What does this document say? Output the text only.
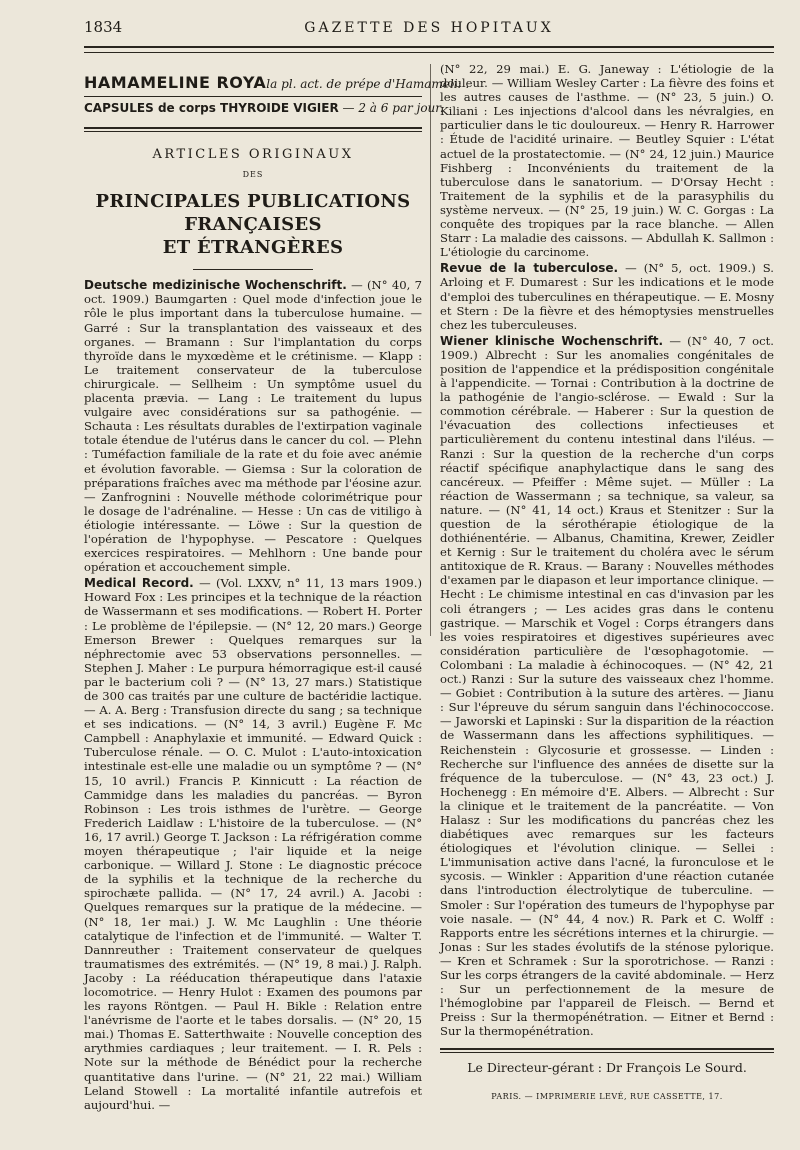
1834	GAZETTE DES HOPITAUX
HAMAMELINE ROYAla pl. act. de prépe d'Hamameli: .
CAPSULES de corps THYROIDE VIGIER — 2 à 6 par jour.

ARTICLES ORIGINAUX

DES

PRINCIPALES PUBLICATIONS FRANÇAISES
ET ÉTRANGÈRES

Deutsche medizinische Wochenschrift. — (N° 40, 7 oct. 1909.) Baumgarten : Quel mode d'infection joue le rôle le plus important dans la tuberculose humaine. — Garré : Sur la transplantation des vaisseaux et des organes. — Bramann : Sur l'implantation du corps thyroïde dans le myxœdème et le crétinisme. — Klapp : Le traitement conservateur de la tuberculose chirurgicale. — Sellheim : Un symptôme usuel du placenta prævia. — Lang : Le traitement du lupus vulgaire avec considérations sur sa pathogénie. — Schauta : Les résultats durables de l'extirpation vaginale totale étendue de l'utérus dans le cancer du col. — Plehn : Tuméfaction familiale de la rate et du foie avec anémie et évolution favorable. — Giemsa : Sur la coloration de préparations fraîches avec ma méthode par l'éosine azur. — Zanfrognini : Nouvelle méthode colorimétrique pour le dosage de l'adrénaline. — Hesse : Un cas de vitiligo à étiologie intéressante. — Löwe : Sur la question de l'opération de l'hypophyse. — Pescatore : Quelques exercices respiratoires. — Mehlhorn : Une bande pour opération et accouchement simple.

Medical Record. — (Vol. LXXV, n° 11, 13 mars 1909.) Howard Fox : Les principes et la technique de la réaction de Wassermann et ses modifications. — Robert H. Porter : Le problème de l'épilepsie. — (N° 12, 20 mars.) George Emerson Brewer : Quelques remarques sur la néphrectomie avec 53 observations personnelles. — Stephen J. Maher : Le purpura hémorragique est-il causé par le bacterium coli ? — (N° 13, 27 mars.) Statistique de 300 cas traités par une culture de bactéridie lactique. — A. A. Berg : Transfusion directe du sang ; sa technique et ses indications. — (N° 14, 3 avril.) Eugène F. Mc Campbell : Anaphylaxie et immunité. — Edward Quick : Tuberculose rénale. — O. C. Mulot : L'auto-intoxication intestinale est-elle une maladie ou un symptôme ? — (N° 15, 10 avril.) Francis P. Kinnicutt : La réaction de Cammidge dans les maladies du pancréas. — Byron Robinson : Les trois isthmes de l'urètre. — George Frederich Laidlaw : L'histoire de la tuberculose. — (N° 16, 17 avril.) George T. Jackson : La réfrigération comme moyen thérapeutique ; l'air liquide et la neige carbonique. — Willard J. Stone : Le diagnostic précoce de la syphilis et la technique de la recherche du spirochæte pallida. — (N° 17, 24 avril.) A. Jacobi : Quelques remarques sur la pratique de la médecine. — (N° 18, 1er mai.) J. W. Mc Laughlin : Une théorie catalytique de l'infection et de l'immunité. — Walter T. Dannreuther : Traitement conservateur de quelques traumatismes des extrémités. — (N° 19, 8 mai.) J. Ralph. Jacoby : La rééducation thérapeutique dans l'ataxie locomotrice. — Henry Hulot : Examen des poumons par les rayons Röntgen. — Paul H. Bikle : Relation entre l'anévrisme de l'aorte et le tabes dorsalis. — (N° 20, 15 mai.) Thomas E. Satterthwaite : Nouvelle conception des arythmies cardiaques ; leur traitement. — I. R. Pels : Note sur la méthode de Bénédict pour la recherche quantitative dans l'urine. — (N° 21, 22 mai.) William Leland Stowell : La mortalité infantile autrefois et aujourd'hui. —

(N° 22, 29 mai.) E. G. Janeway : L'étiologie de la douleur. — William Wesley Carter : La fièvre des foins et les autres causes de l'asthme. — (N° 23, 5 juin.) O. Kiliani : Les injections d'alcool dans les névralgies, en particulier dans le tic douloureux. — Henry R. Harrower : Étude de l'acidité urinaire. — Beutley Squier : L'état actuel de la prostatectomie. — (N° 24, 12 juin.) Maurice Fishberg : Inconvénients du traitement de la tuberculose dans le sanatorium. — D'Orsay Hecht : Traitement de la syphilis et de la parasyphilis du système nerveux. — (N° 25, 19 juin.) W. C. Gorgas : La conquête des tropiques par la race blanche. — Allen Starr : La maladie des caissons. — Abdullah K. Sallmon : L'étiologie du carcinome.

Revue de la tuberculose. — (N° 5, oct. 1909.) S. Arloing et F. Dumarest : Sur les indications et le mode d'emploi des tuberculines en thérapeutique. — E. Mosny et Stern : De la fièvre et des hémoptysies menstruelles chez les tuberculeuses.

Wiener klinische Wochenschrift. — (N° 40, 7 oct. 1909.) Albrecht : Sur les anomalies congénitales de position de l'appendice et la prédisposition congénitale à l'appendicite. — Tornai : Contribution à la doctrine de la pathogénie de l'angio-sclérose. — Ewald : Sur la commotion cérébrale. — Haberer : Sur la question de l'évacuation des collections infectieuses et particulièrement du contenu intestinal dans l'iléus. — Ranzi : Sur la question de la recherche d'un corps réactif spécifique anaphylactique dans le sang des cancéreux. — Pfeiffer : Même sujet. — Müller : La réaction de Wassermann ; sa technique, sa valeur, sa nature. — (N° 41, 14 oct.) Kraus et Stenitzer : Sur la question de la sérothérapie étiologique de la dothiénentérie. — Albanus, Chamitina, Krewer, Zeidler et Kernig : Sur le traitement du choléra avec le sérum antitoxique de R. Kraus. — Barany : Nouvelles méthodes d'examen par le diapason et leur importance clinique. — Hecht : Le chimisme intestinal en cas d'invasion par les coli étrangers ; — Les acides gras dans le contenu gastrique. — Marschik et Vogel : Corps étrangers dans les voies respiratoires et digestives supérieures avec considération particulière de l'œsophagotomie. — Colombani : La maladie à échinocoques. — (N° 42, 21 oct.) Ranzi : Sur la suture des vaisseaux chez l'homme. — Gobiet : Contribution à la suture des artères. — Jianu : Sur l'épreuve du sérum sanguin dans l'échinococcose. — Jaworski et Lapinski : Sur la disparition de la réaction de Wassermann dans les affections syphilitiques. — Reichenstein : Glycosurie et grossesse. — Linden : Recherche sur l'influence des années de disette sur la fréquence de la tuberculose. — (N° 43, 23 oct.) J. Hochenegg : En mémoire d'E. Albers. — Albrecht : Sur la clinique et le traitement de la pancréatite. — Von Halasz : Sur les modifications du pancréas chez les diabétiques avec remarques sur les facteurs étiologiques et l'évolution clinique. — Sellei : L'immunisation active dans l'acné, la furonculose et le sycosis. — Winkler : Apparition d'une réaction cutanée dans l'introduction électrolytique de tuberculine. — Smoler : Sur l'opération des tumeurs de l'hypophyse par voie nasale. — (N° 44, 4 nov.) R. Park et C. Wolff : Rapports entre les sécrétions internes et la chirurgie. — Jonas : Sur les stades évolutifs de la sténose pylorique. — Kren et Schramek : Sur la sporotrichose. — Ranzi : Sur les corps étrangers de la cavité abdominale. — Herz : Sur un perfectionnement de la mesure de l'hémoglobine par l'appareil de Fleisch. — Bernd et Preiss : Sur la thermopénétration. — Eitner et Bernd : Sur la thermopénétration.

Le Directeur-gérant : Dr François Le Sourd.
PARIS. — IMPRIMERIE LEVÉ, RUE CASSETTE, 17.
